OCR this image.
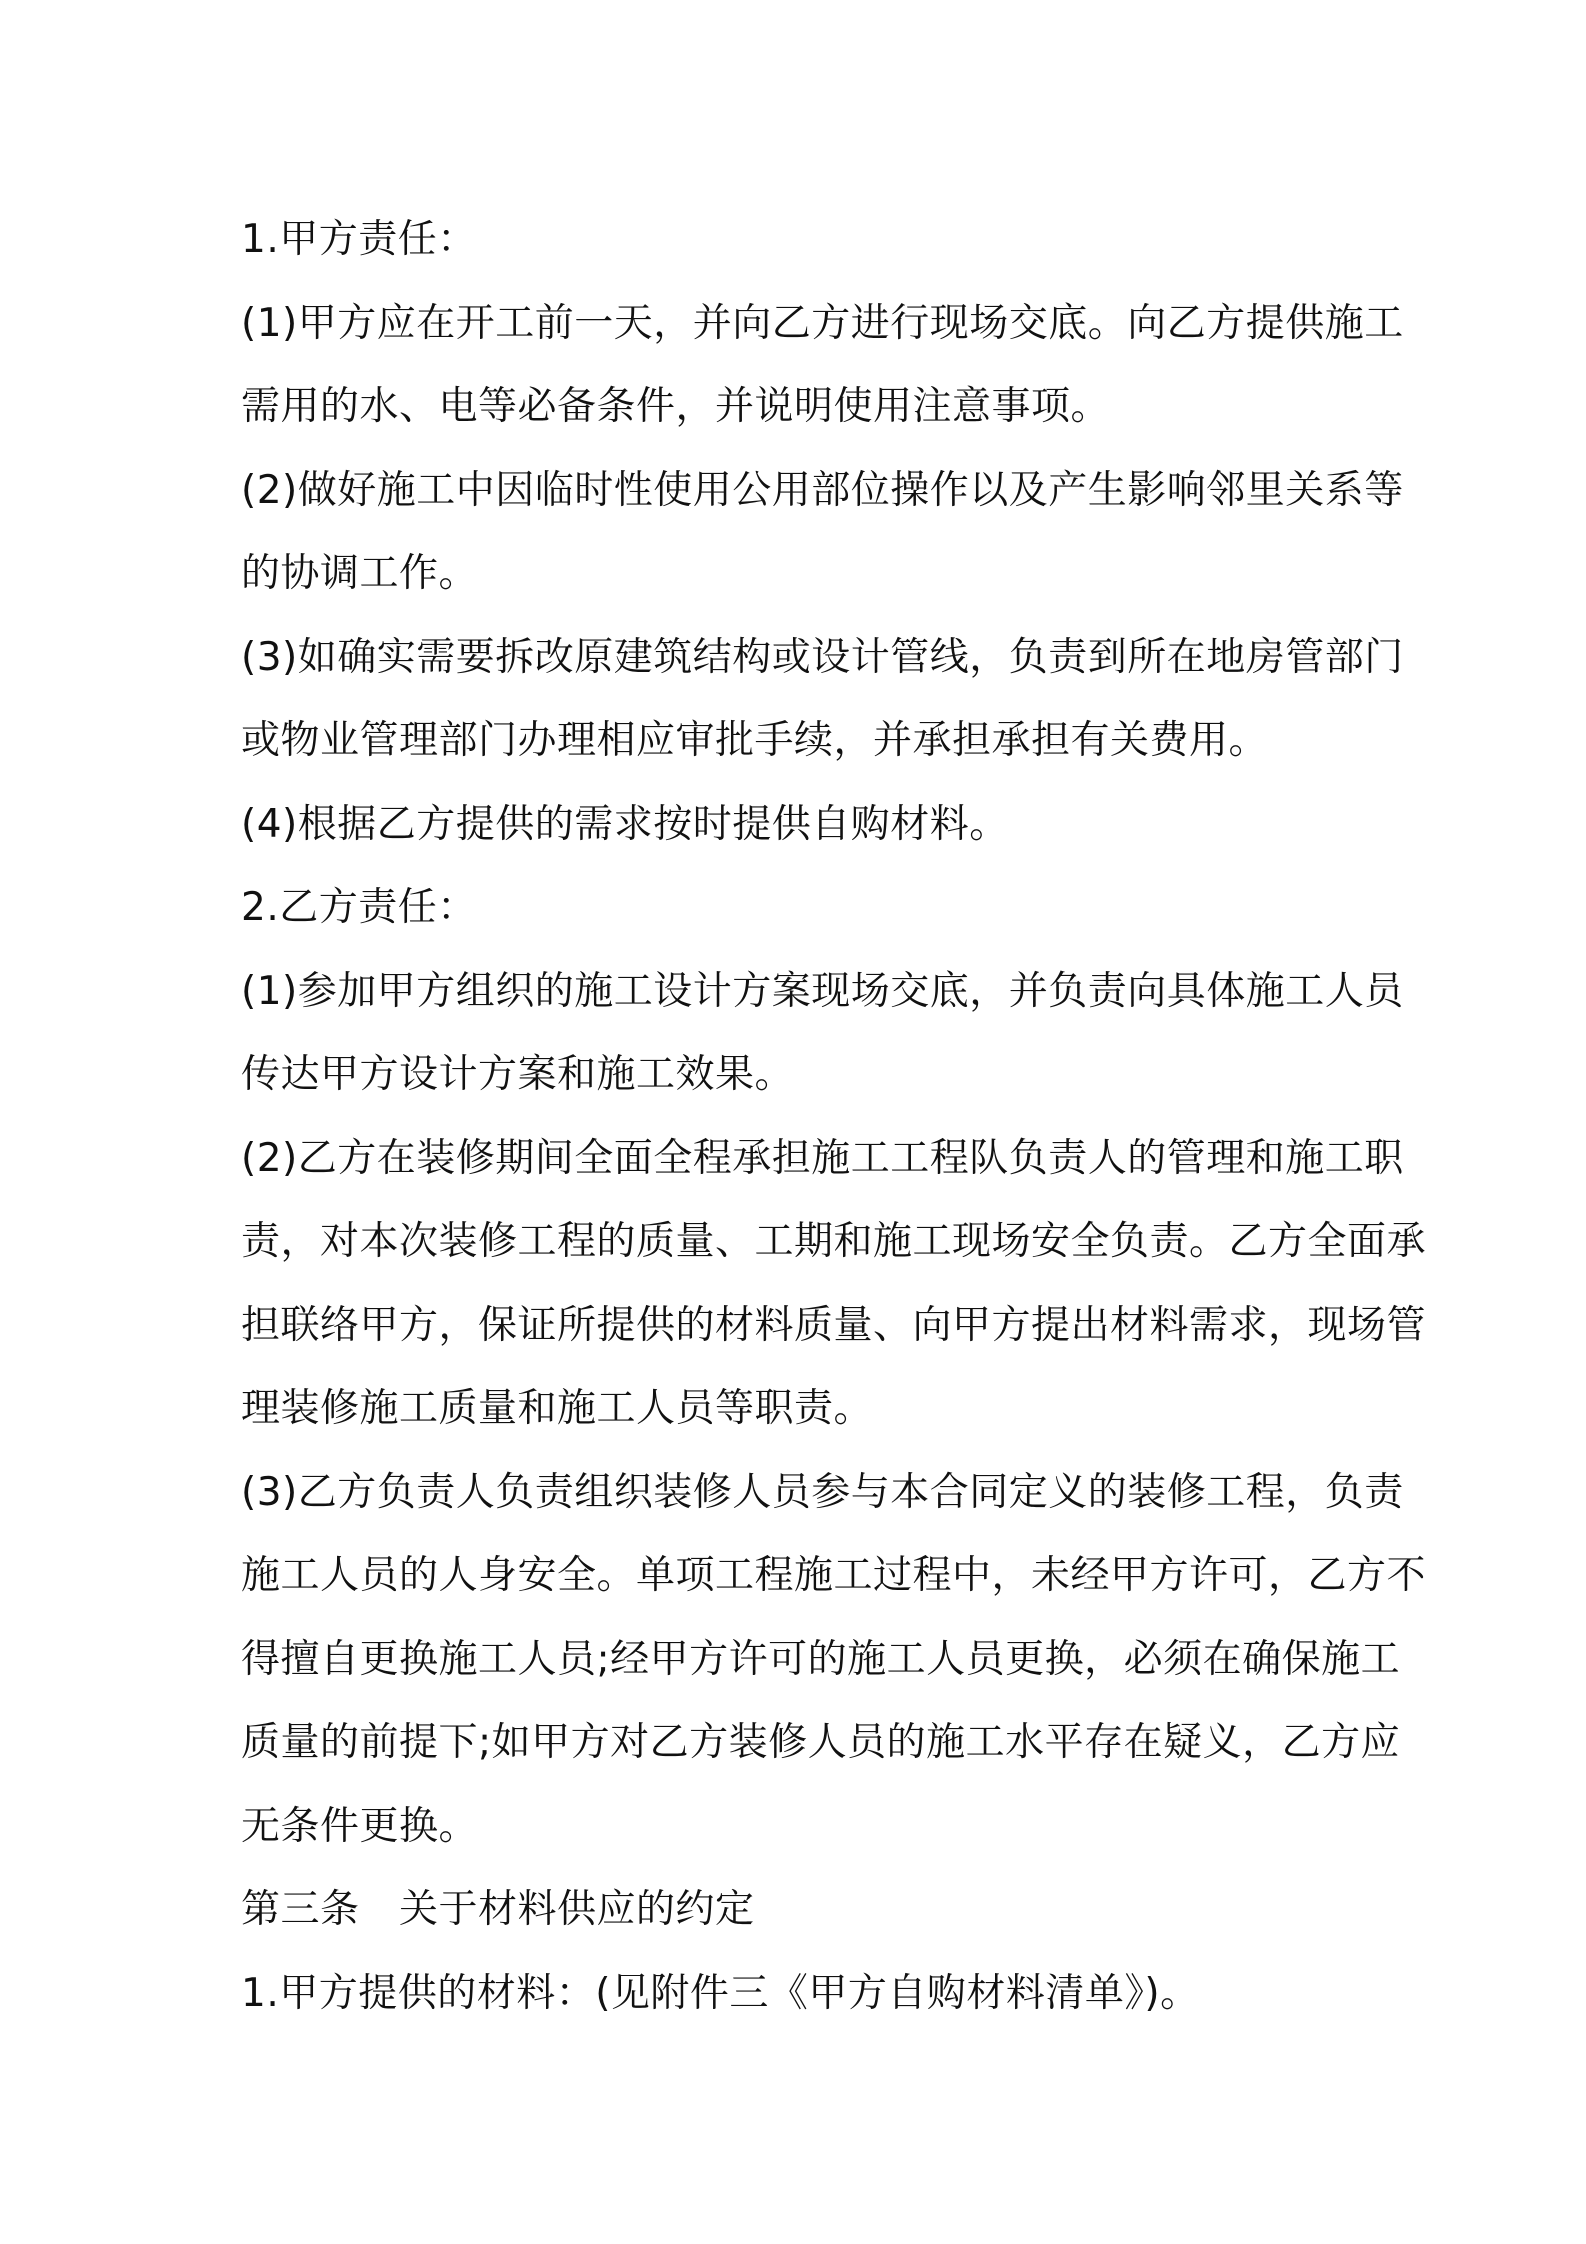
1.甲方责任：
(1)甲方应在开工前一天，并向乙方进行现场交底。向乙方提供施工
需用的水、电等必备条件，并说明使用注意事项。
(2)做好施工中因临时性使用公用部位操作以及产生影响邻里关系等
的协调工作。
(3)如确实需要拆改原建筑结构或设计管线，负责到所在地房管部门
或物业管理部门办理相应审批手续，并承担承担有关费用。
(4)根据乙方提供的需求按时提供自购材料。
2.乙方责任：
(1)参加甲方组织的施工设计方案现场交底，并负责向具体施工人员
传达甲方设计方案和施工效果。
(2)乙方在装修期间全面全程承担施工工程队负责人的管理和施工职
责，对本次装修工程的质量、工期和施工现场安全负责。乙方全面承
担联络甲方，保证所提供的材料质量、向甲方提出材料需求，现场管
理装修施工质量和施工人员等职责。
(3)乙方负责人负责组织装修人员参与本合同定义的装修工程，负责
施工人员的人身安全。单项工程施工过程中，未经甲方许可，乙方不
得擅自更换施工人员;经甲方许可的施工人员更换，必须在确保施工
质量的前提下;如甲方对乙方装修人员的施工水平存在疑义，乙方应
无条件更换。
第三条　关于材料供应的约定
1.甲方提供的材料：(见附件三《甲方自购材料清单》)。
